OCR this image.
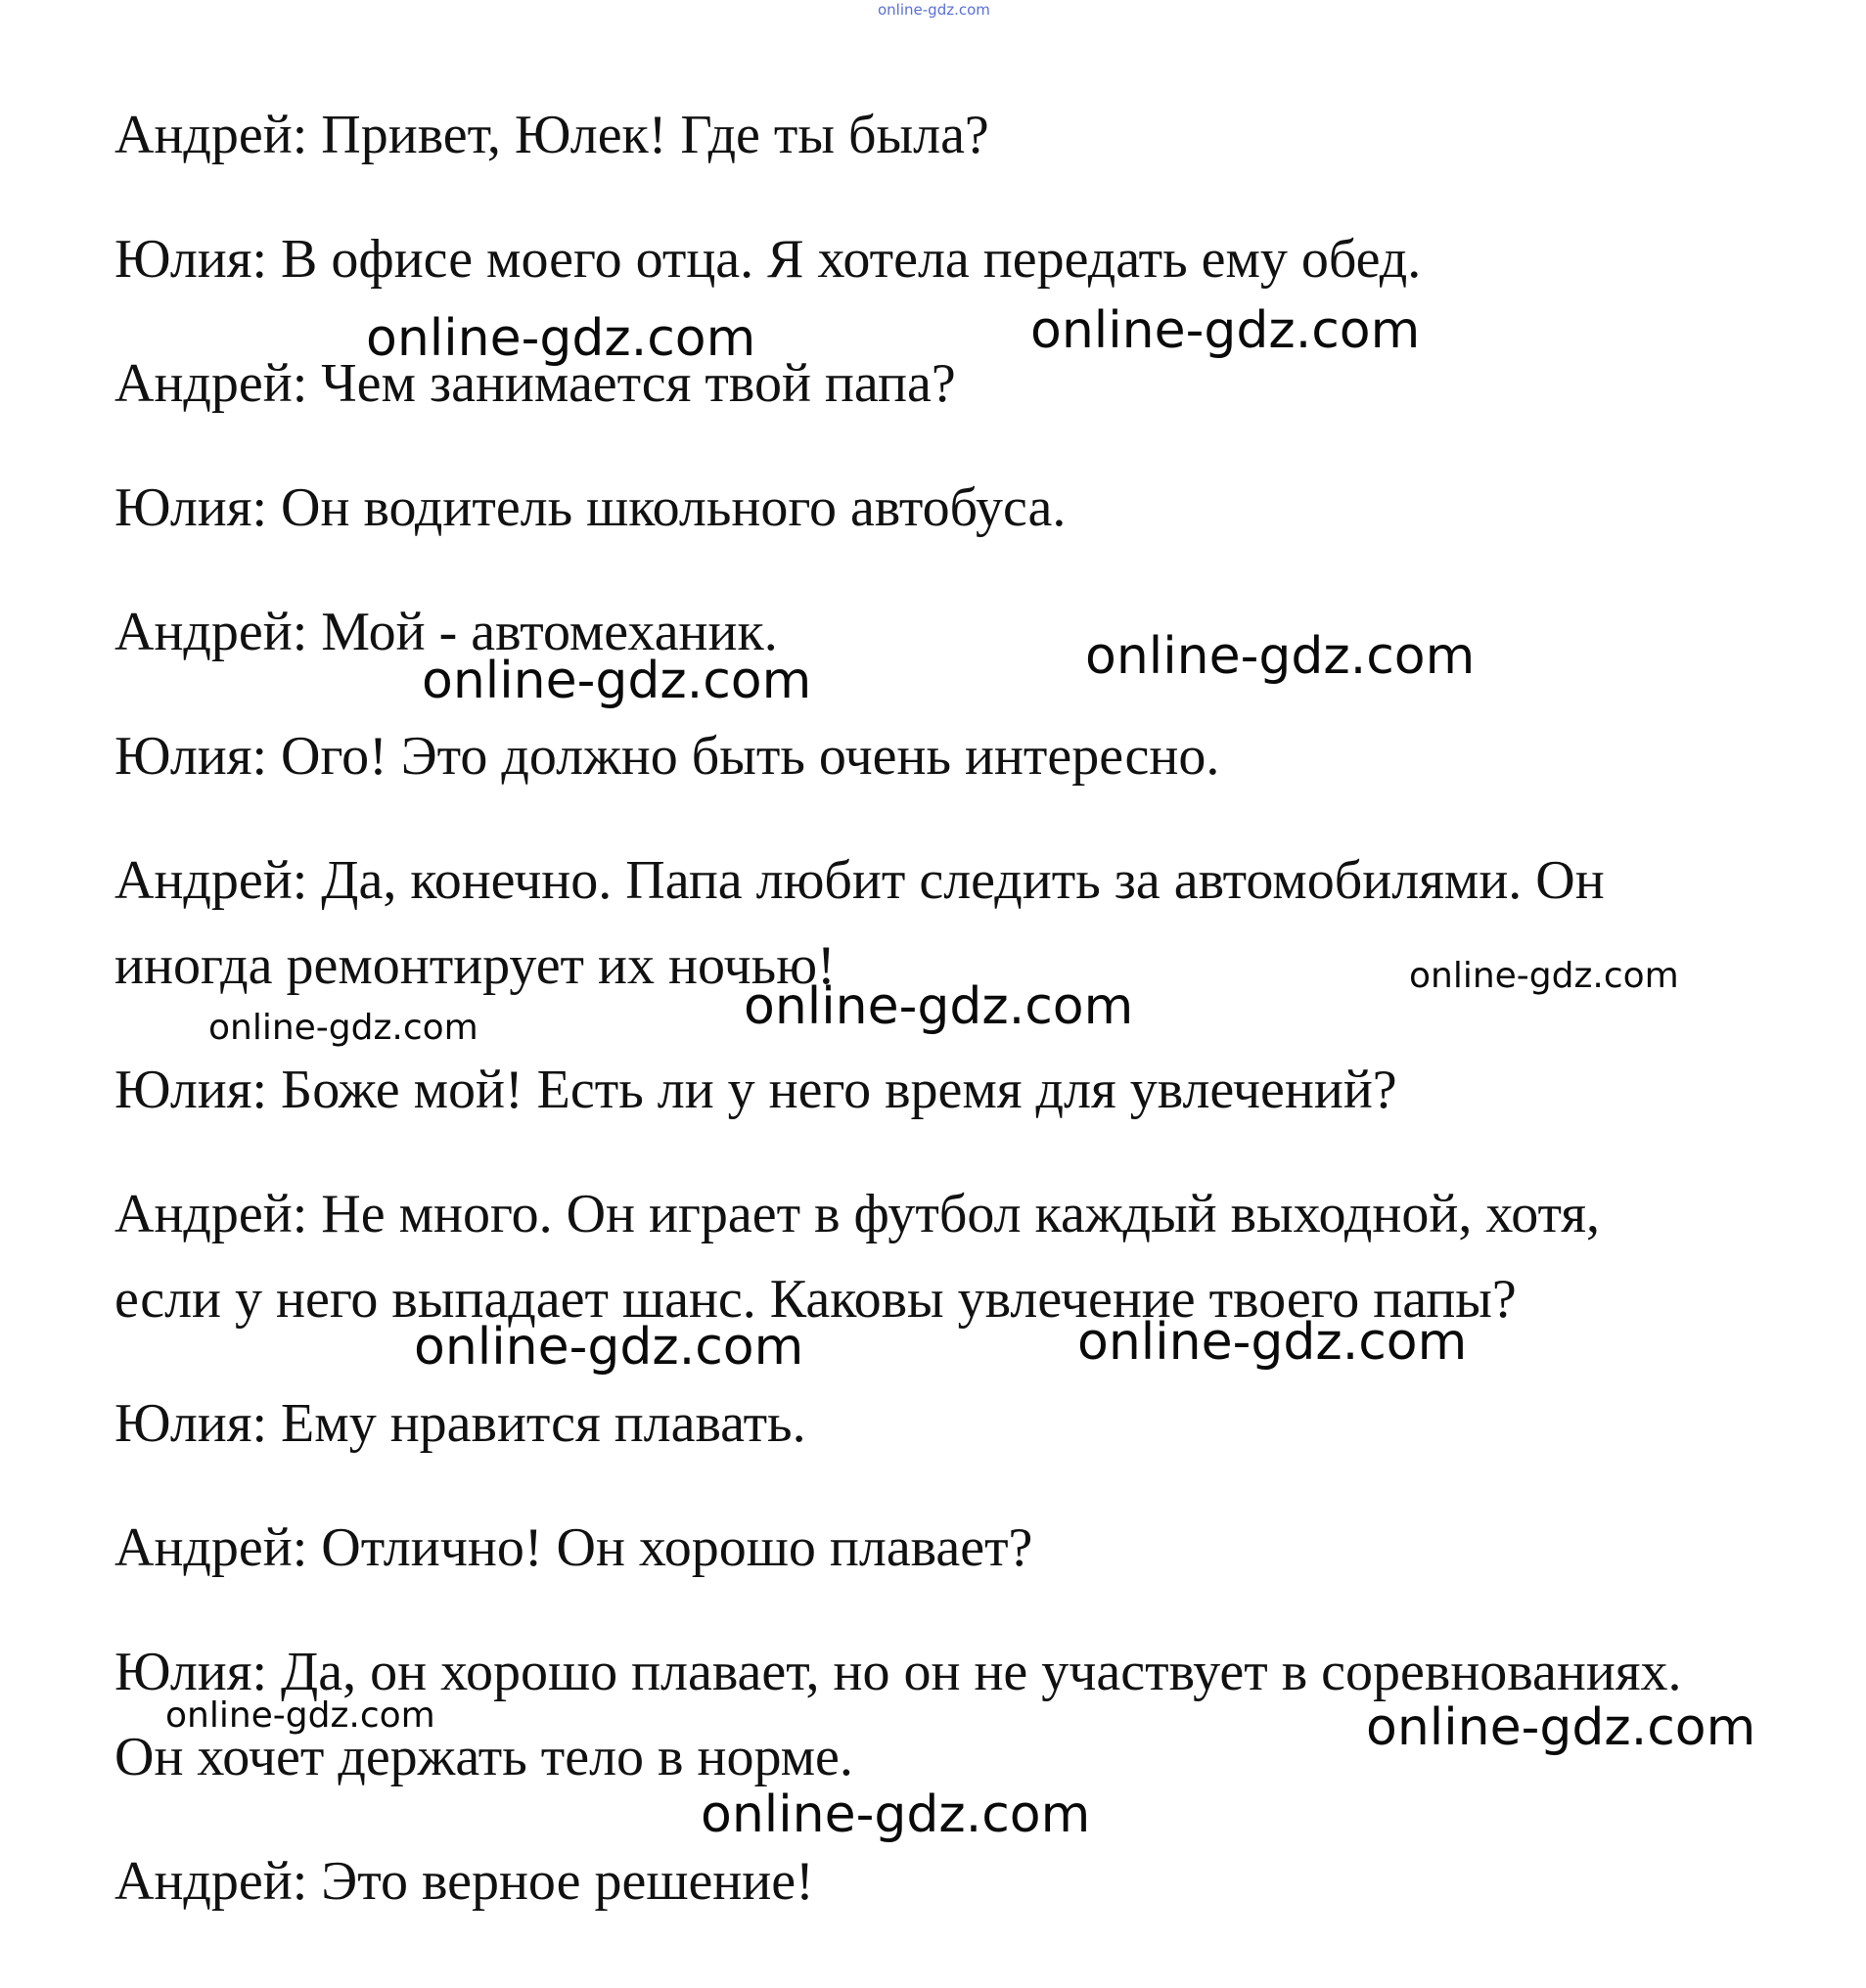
online-gdz.com

Андрей: Привет, Юлек! Где ты была?

Юлия: В офисе моего отца. Я хотела передать ему обед.

Андрей: Чем занимается твой папа?

Юлия: Он водитель школьного автобуса.

Андрей: Мой - автомеханик.

Юлия: Ого! Это должно быть очень интересно.

Андрей: Да, конечно. Папа любит следить за автомобилями. Он

иногда ремонтирует их ночью!

Юлия: Боже мой! Есть ли у него время для увлечений?

Андрей: Не много. Он играет в футбол каждый выходной, хотя,

если у него выпадает шанс. Каковы увлечение твоего папы?

Юлия: Ему нравится плавать.

Андрей: Отлично! Он хорошо плавает?

Юлия: Да, он хорошо плавает, но он не участвует в соревнованиях.

Он хочет держать тело в норме.

Андрей: Это верное решение!

online-gdz.com	online-gdz.com
online-gdz.com
online-gdz.com
online-gdz.com
online-gdz.com
online-gdz.com
online-gdz.com
online-gdz.com
online-gdz.com	online-gdz.com
online-gdz.com
